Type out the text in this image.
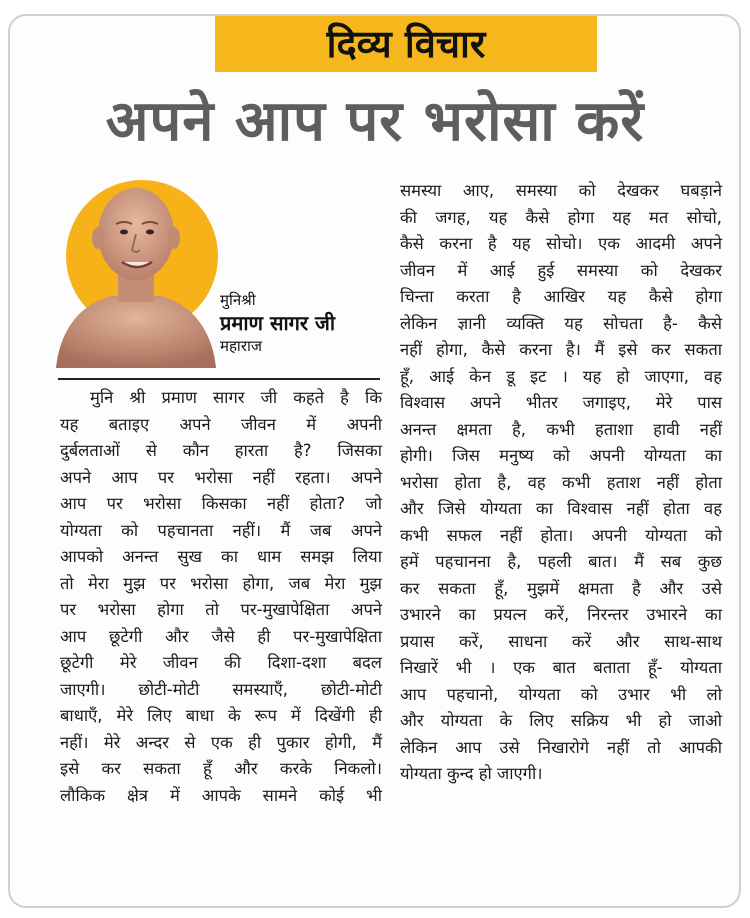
दिव्य विचार
अपने आप पर भरोसा करें
मुनिश्री
प्रमाण सागर जी
महाराज

मुनि श्री प्रमाण सागर जी कहते है कि

यह बताइए अपने जीवन में अपनी

दुर्बलताओं से कौन हारता है? जिसका

अपने आप पर भरोसा नहीं रहता। अपने

आप पर भरोसा किसका नहीं होता? जो

योग्यता को पहचानता नहीं। मैं जब अपने

आपको अनन्त सुख का धाम समझ लिया

तो मेरा मुझ पर भरोसा होगा, जब मेरा मुझ

पर भरोसा होगा तो पर-मुखापेक्षिता अपने

आप छूटेगी और जैसे ही पर-मुखापेक्षिता

छूटेगी मेरे जीवन की दिशा-दशा बदल

जाएगी। छोटी-मोटी समस्याएँ, छोटी-मोटी

बाधाएँ, मेरे लिए बाधा के रूप में दिखेंगी ही

नहीं। मेरे अन्दर से एक ही पुकार होगी, मैं

इसे कर सकता हूँ और करके निकलो।

लौकिक क्षेत्र में आपके सामने कोई भी

समस्या आए, समस्या को देखकर घबड़ाने

की जगह, यह कैसे होगा यह मत सोचो,

कैसे करना है यह सोचो। एक आदमी अपने

जीवन में आई हुई समस्या को देखकर

चिन्ता करता है आखिर यह कैसे होगा

लेकिन ज्ञानी व्यक्ति यह सोचता है- कैसे

नहीं होगा, कैसे करना है। मैं इसे कर सकता

हूँ, आई केन डू इट । यह हो जाएगा, वह

विश्वास अपने भीतर जगाइए, मेरे पास

अनन्त क्षमता है, कभी हताशा हावी नहीं

होगी। जिस मनुष्य को अपनी योग्यता का

भरोसा होता है, वह कभी हताश नहीं होता

और जिसे योग्यता का विश्वास नहीं होता वह

कभी सफल नहीं होता। अपनी योग्यता को

हमें पहचानना है, पहली बात। मैं सब कुछ

कर सकता हूँ, मुझमें क्षमता है और उसे

उभारने का प्रयत्न करें, निरन्तर उभारने का

प्रयास करें, साधना करें और साथ-साथ

निखारें भी । एक बात बताता हूँ- योग्यता

आप पहचानो, योग्यता को उभार भी लो

और योग्यता के लिए सक्रिय भी हो जाओ

लेकिन आप उसे निखारोगे नहीं तो आपकी

योग्यता कुन्द हो जाएगी।
